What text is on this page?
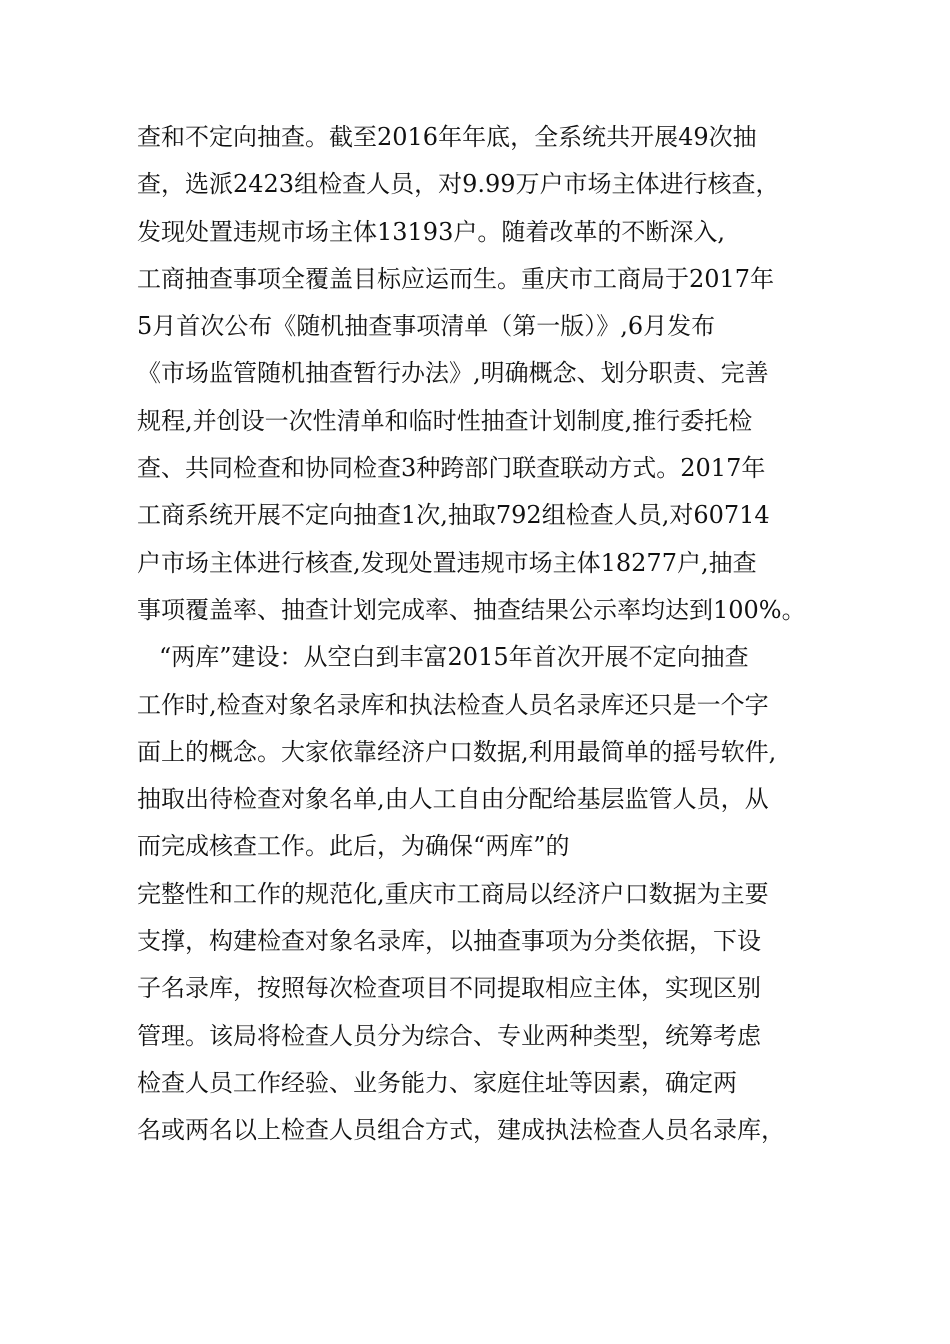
查和不定向抽查。截至2016年年底，全系统共开展49次抽
查，选派2423组检查人员，对9.99万户市场主体进行核查，
发现处置违规市场主体13193户。随着改革的不断深入,
工商抽查事项全覆盖目标应运而生。重庆市工商局于2017年
5月首次公布《随机抽查事项清单（第一版）》,6月发布
《市场监管随机抽查暂行办法》,明确概念、划分职责、完善
规程,并创设一次性清单和临时性抽查计划制度,推行委托检
查、共同检查和协同检查3种跨部门联查联动方式。2017年
工商系统开展不定向抽查1次,抽取792组检查人员,对60714
户市场主体进行核查,发现处置违规市场主体18277户,抽查
事项覆盖率、抽查计划完成率、抽查结果公示率均达到100%。
“两库”建设：从空白到丰富2015年首次开展不定向抽查
工作时,检查对象名录库和执法检查人员名录库还只是一个字
面上的概念。大家依靠经济户口数据,利用最简单的摇号软件,
抽取出待检查对象名单,由人工自由分配给基层监管人员，从
而完成核查工作。此后，为确保“两库”的
完整性和工作的规范化,重庆市工商局以经济户口数据为主要
支撑，构建检查对象名录库，以抽查事项为分类依据，下设
子名录库，按照每次检查项目不同提取相应主体，实现区别
管理。该局将检查人员分为综合、专业两种类型，统筹考虑
检查人员工作经验、业务能力、家庭住址等因素，确定两
名或两名以上检查人员组合方式，建成执法检查人员名录库，
